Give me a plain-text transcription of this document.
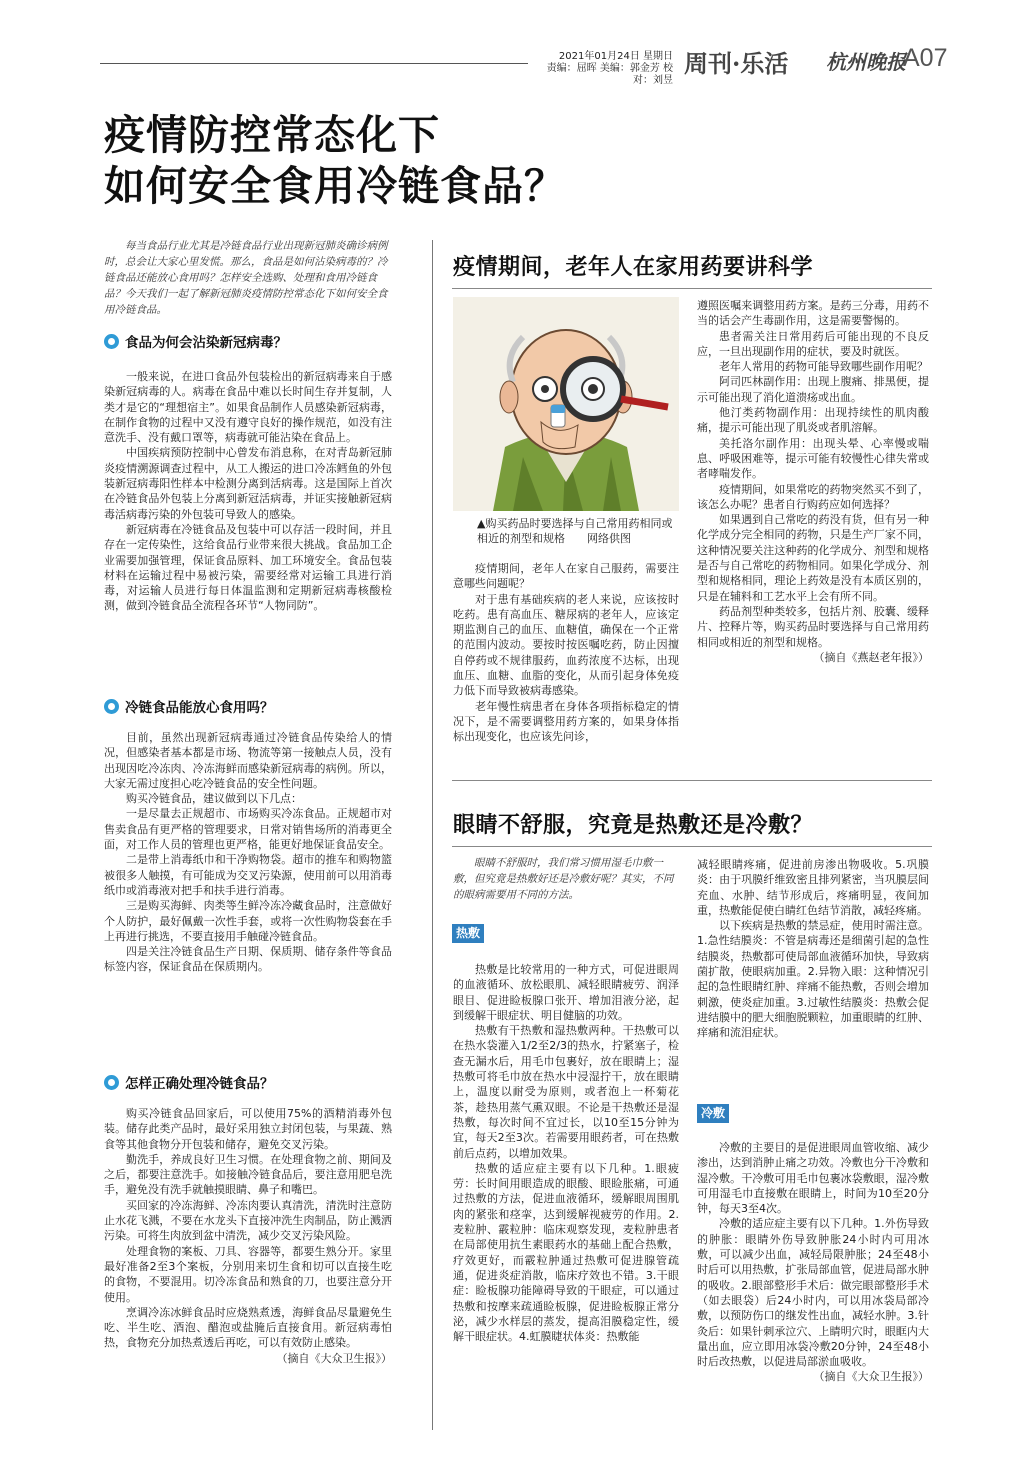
2021年01月24日 星期日
责编：屈晖 美编：郭金芳 校对：刘昱
周刊·乐活 杭州晚报
A07
疫情防控常态化下
如何安全食用冷链食品？

每当食品行业尤其是冷链食品行业出现新冠肺炎确诊病例时，总会让大家心里发慌。那么，食品是如何沾染病毒的？冷链食品还能放心食用吗？怎样安全选购、处理和食用冷链食品？今天我们一起了解新冠肺炎疫情防控常态化下如何安全食用冷链食品。

食品为何会沾染新冠病毒？

一般来说，在进口食品外包装检出的新冠病毒来自于感染新冠病毒的人。病毒在食品中难以长时间生存并复制，人类才是它的“理想宿主”。如果食品制作人员感染新冠病毒，在制作食物的过程中又没有遵守良好的操作规范，如没有注意洗手、没有戴口罩等，病毒就可能沾染在食品上。

中国疾病预防控制中心曾发布消息称，在对青岛新冠肺炎疫情溯源调查过程中，从工人搬运的进口冷冻鳕鱼的外包装新冠病毒阳性样本中检测分离到活病毒。这是国际上首次在冷链食品外包装上分离到新冠活病毒，并证实接触新冠病毒活病毒污染的外包装可导致人的感染。

新冠病毒在冷链食品及包装中可以存活一段时间，并且存在一定传染性，这给食品行业带来很大挑战。食品加工企业需要加强管理，保证食品原料、加工环境安全。食品包装材料在运输过程中易被污染，需要经常对运输工具进行消毒，对运输人员进行每日体温监测和定期新冠病毒核酸检测，做到冷链食品全流程各环节“人物同防”。

冷链食品能放心食用吗？

目前，虽然出现新冠病毒通过冷链食品传染给人的情况，但感染者基本都是市场、物流等第一接触点人员，没有出现因吃冷冻肉、冷冻海鲜而感染新冠病毒的病例。所以，大家无需过度担心吃冷链食品的安全性问题。

购买冷链食品，建议做到以下几点：

一是尽量去正规超市、市场购买冷冻食品。正规超市对售卖食品有更严格的管理要求，日常对销售场所的消毒更全面，对工作人员的管理也更严格，能更好地保证食品安全。

二是带上消毒纸巾和干净购物袋。超市的推车和购物篮被很多人触摸，有可能成为交叉污染源，使用前可以用消毒纸巾或消毒液对把手和扶手进行消毒。

三是购买海鲜、肉类等生鲜冷冻冷藏食品时，注意做好个人防护，最好佩戴一次性手套，或将一次性购物袋套在手上再进行挑选，不要直接用手触碰冷链食品。

四是关注冷链食品生产日期、保质期、储存条件等食品标签内容，保证食品在保质期内。

怎样正确处理冷链食品？

购买冷链食品回家后，可以使用75%的酒精消毒外包装。储存此类产品时，最好采用独立封闭包装，与果蔬、熟食等其他食物分开包装和储存，避免交叉污染。

勤洗手，养成良好卫生习惯。在处理食物之前、期间及之后，都要注意洗手。如接触冷链食品后，要注意用肥皂洗手，避免没有洗手就触摸眼睛、鼻子和嘴巴。

买回家的冷冻海鲜、冷冻肉要认真清洗，清洗时注意防止水花飞溅，不要在水龙头下直接冲洗生肉制品，防止溅洒污染。可将生肉放到盆中清洗，减少交叉污染风险。

处理食物的案板、刀具、容器等，都要生熟分开。家里最好准备2至3个案板，分别用来切生食和切可以直接生吃的食物，不要混用。切冷冻食品和熟食的刀，也要注意分开使用。

烹调冷冻冰鲜食品时应烧熟煮透，海鲜食品尽量避免生吃、半生吃、酒泡、醋泡或盐腌后直接食用。新冠病毒怕热，食物充分加热煮透后再吃，可以有效防止感染。

（摘自《大众卫生报》）

疫情期间，老年人在家用药要讲科学
▲购买药品时要选择与自己常用药相同或相近的剂型和规格　　网络供图

疫情期间，老年人在家自己服药，需要注意哪些问题呢？

对于患有基础疾病的老人来说，应该按时吃药。患有高血压、糖尿病的老年人，应该定期监测自己的血压、血糖值，确保在一个正常的范围内波动。要按时按医嘱吃药，防止因擅自停药或不规律服药，血药浓度不达标，出现血压、血糖、血脂的变化，从而引起身体免疫力低下而导致被病毒感染。

老年慢性病患者在身体各项指标稳定的情况下，是不需要调整用药方案的，如果身体指标出现变化，也应该先问诊，

遵照医嘱来调整用药方案。是药三分毒，用药不当的话会产生毒副作用，这是需要警惕的。

患者需关注日常用药后可能出现的不良反应，一旦出现副作用的症状，要及时就医。

老年人常用的药物可能导致哪些副作用呢？

阿司匹林副作用：出现上腹痛、排黑便，提示可能出现了消化道溃疡或出血。

他汀类药物副作用：出现持续性的肌肉酸痛，提示可能出现了肌炎或者肌溶解。

美托洛尔副作用：出现头晕、心率慢或喘息、呼吸困难等，提示可能有较慢性心律失常或者哮喘发作。

疫情期间，如果常吃的药物突然买不到了，该怎么办呢？患者自行购药应如何选择？

如果遇到自己常吃的药没有货，但有另一种化学成分完全相同的药物，只是生产厂家不同，这种情况要关注这种药的化学成分、剂型和规格是否与自己常吃的药物相同。如果化学成分、剂型和规格相同，理论上药效是没有本质区别的，只是在辅料和工艺水平上会有所不同。

药品剂型种类较多，包括片剂、胶囊、缓释片、控释片等，购买药品时要选择与自己常用药相同或相近的剂型和规格。

（摘自《燕赵老年报》）

眼睛不舒服，究竟是热敷还是冷敷？

眼睛不舒服时，我们常习惯用湿毛巾敷一敷，但究竟是热敷好还是冷敷好呢？其实，不同的眼病需要用不同的方法。

热敷

热敷是比较常用的一种方式，可促进眼周的血液循环、放松眼肌、减轻眼睛疲劳、润泽眼目、促进睑板腺口张开、增加泪液分泌，起到缓解干眼症状、明目健脑的功效。

热敷有干热敷和湿热敷两种。干热敷可以在热水袋灌入1/2至2/3的热水，拧紧塞子，检查无漏水后，用毛巾包裹好，放在眼睛上；湿热敷可将毛巾放在热水中浸湿拧干，放在眼睛上，温度以耐受为原则，或者泡上一杯菊花茶，趁热用蒸气熏双眼。不论是干热敷还是湿热敷，每次时间不宜过长，以10至15分钟为宜，每天2至3次。若需要用眼药者，可在热敷前后点药，以增加效果。

热敷的适应症主要有以下几种。1.眼疲劳：长时间用眼造成的眼酸、眼睑胀痛，可通过热敷的方法，促进血液循环，缓解眼周围肌肉的紧张和痉挛，达到缓解视疲劳的作用。2.麦粒肿、霰粒肿：临床观察发现，麦粒肿患者在局部使用抗生素眼药水的基础上配合热敷，疗效更好，而霰粒肿通过热敷可促进腺管疏通，促进炎症消散，临床疗效也不错。3.干眼症：睑板腺功能障碍导致的干眼症，可以通过热敷和按摩来疏通睑板腺，促进睑板腺正常分泌，减少水样层的蒸发，提高泪膜稳定性，缓解干眼症状。4.虹膜睫状体炎：热敷能

减轻眼睛疼痛，促进前房渗出物吸收。5.巩膜炎：由于巩膜纤维致密且排列紧密，当巩膜层间充血、水肿、结节形成后，疼痛明显，夜间加重，热敷能促使白睛红色结节消散，减轻疼痛。

以下疾病是热敷的禁忌症，使用时需注意。1.急性结膜炎：不管是病毒还是细菌引起的急性结膜炎，热敷都可使局部血液循环加快，导致病菌扩散，使眼病加重。2.异物入眼：这种情况引起的急性眼睛红肿、痒痛不能热敷，否则会增加刺激，使炎症加重。3.过敏性结膜炎：热敷会促进结膜中的肥大细胞脱颗粒，加重眼睛的红肿、痒痛和流泪症状。

冷敷

冷敷的主要目的是促进眼周血管收缩、减少渗出，达到消肿止痛之功效。冷敷也分干冷敷和湿冷敷。干冷敷可用毛巾包裹冰袋敷眼，湿冷敷可用湿毛巾直接敷在眼睛上，时间为10至20分钟，每天3至4次。

冷敷的适应症主要有以下几种。1.外伤导致的肿胀：眼睛外伤导致肿胀24小时内可用冰敷，可以减少出血，减轻局限肿胀；24至48小时后可以用热敷，扩张局部血管，促进局部水肿的吸收。2.眼部整形手术后：做完眼部整形手术（如去眼袋）后24小时内，可以用冰袋局部冷敷，以预防伤口的继发性出血，减轻水肿。3.针灸后：如果针刺承泣穴、上睛明穴时，眼眶内大量出血，应立即用冰袋冷敷20分钟，24至48小时后改热敷，以促进局部淤血吸收。

（摘自《大众卫生报》）
